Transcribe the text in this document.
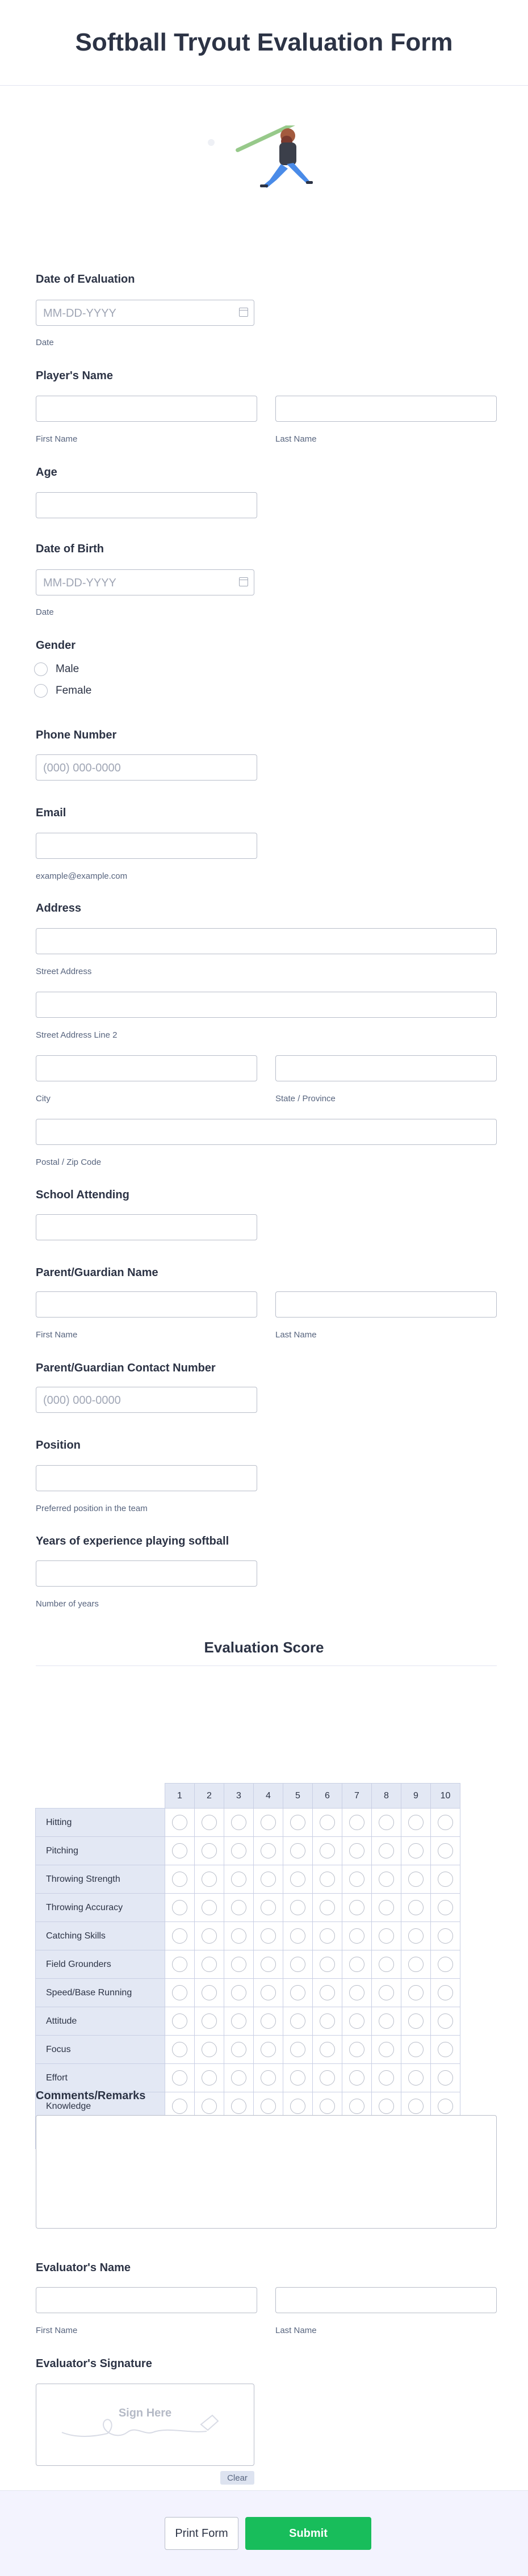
Softball Tryout Evaluation Form
Date of Evaluation
MM-DD-YYYY
Date
Player's Name
First Name	Last Name
Age
Date of Birth
MM-DD-YYYY
Date
Gender
Male
Female
Phone Number
(000) 000-0000
Email
example@example.com
Address
Street Address
Street Address Line 2
City	State / Province
Postal / Zip Code
School Attending
Parent/Guardian Name
First Name	Last Name
Parent/Guardian Contact Number
(000) 000-0000
Position
Preferred position in the team
Years of experience playing softball
Number of years
Evaluation Score
	1	2	3	4	5	6	7	8	9	10
Hitting										
Pitching										
Throwing Strength										
Throwing Accuracy										
Catching Skills										
Field Grounders										
Speed/Base Running										
Attitude										
Focus										
Effort										
Knowledge										

Comments/Remarks
Evaluator's Name
First Name	Last Name
Evaluator's Signature
Sign Here
Clear
Print Form	Submit
